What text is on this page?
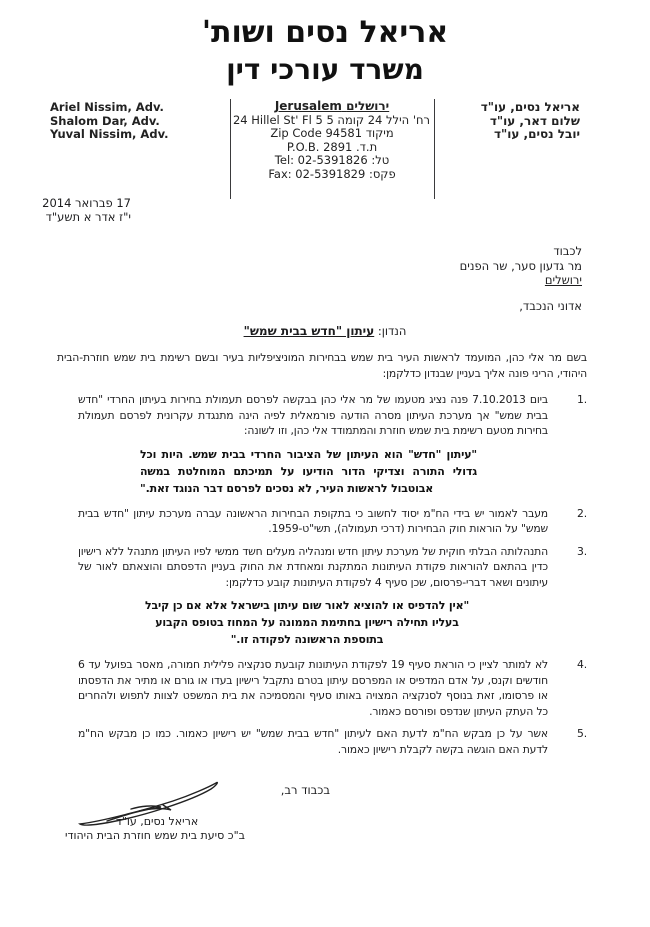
אריאל נסים ושות'
משרד עורכי דין
Ariel Nissim, Adv.
Shalom Dar, Adv.
Yuval Nissim, Adv.
ירושלים Jerusalem
רח' הילל 24 קומה 5 24 Hillel St' Fl 5
מיקוד Zip Code 94581
ת.ד. P.O.B. 2891
טל: Tel: 02-5391826
פקס: Fax: 02-5391829
אריאל נסים, עו"ד
שלום דאר, עו"ד
יובל נסים, עו"ד
17 פברואר 2014
י"ז אדר א תשע"ד
לכבוד
מר גדעון סער, שר הפנים
ירושלים
אדוני הנכבד,
הנדון: עיתון "חדש בבית שמש"
בשם מר אלי כהן, המועמד לראשות העיר בית שמש בבחירות המוניציפליות בעיר ובשם רשימת בית שמש חוזרת-הבית היהודי, הריני פונה אליך בעניין שבנדון כדלקמן:
1.
ביום 7.10.2013 פנה נציג מטעמו של מר אלי כהן בבקשה לפרסם תעמולת בחירות בעיתון החרדי "חדש בבית שמש" אך מערכת העיתון מסרה הודעה פורמאלית לפיה הינה מתנגדת עקרונית לפרסם תעמולת בחירות מטעם רשימת בית שמש חוזרת והמתמודד אלי כהן, וזו לשונה:
"עיתון "חדש" הוא העיתון של הציבור החרדי בבית שמש. היות וכל גדולי התורה וצדיקי הדור הודיעו על תמיכתם המוחלטת במשה אבוטבול לראשות העיר, לא נסכים לפרסם דבר הנוגד זאת."
2.
מעבר לאמור יש בידי הח"מ יסוד לחשוב כי בתקופת הבחירות הראשונה עברה מערכת עיתון "חדש בבית שמש" על הוראות חוק הבחירות (דרכי תעמולה), תשי"ט-1959.
3.
התנהלותה הבלתי חוקית של מערכת עיתון חדש ומנהליה מעלים חשד ממשי לפיו העיתון מתנהל ללא רישיון כדין בהתאם להוראות פקודת העיתונות המתקנת ומאחדת את החוק בעניין הדפסתם והוצאתם לאור של עיתונים ושאר דברי-פרסום, שכן סעיף 4 לפקודת העיתונות קובע כדלקמן:
"אין להדפיס או להוציא לאור שום עיתון בישראל אלא אם כן קיבל בעליו תחילה רישיון בחתימת הממונה על המחוז בטופס הקבוע בתוספת הראשונה לפקודה זו."
4.
לא למותר לציין כי הוראת סעיף 19 לפקודת העיתונות קובעת סנקציה פלילית חמורה, מאסר בפועל עד 6 חודשים וקנס, על אדם המדפיס או המפרסם עיתון בטרם נתקבל רישיון בעדו או גורם או מתיר את הדפסתו או פרסומו, זאת בנוסף לסנקציה המצויה באותו סעיף והמסמיכה את בית המשפט לצוות לתפוש ולהחרים כל העתק העיתון שנדפס ופורסם כאמור.
5.
אשר על כן מבקש הח"מ לדעת האם לעיתון "חדש בבית שמש" יש רישיון כאמור. כמו כן מבקש הח"מ לדעת האם הוגשה בקשה לקבלת רישיון כאמור.
בכבוד רב,
אריאל נסים, עו"ד
ב"כ סיעת בית שמש חוזרת הבית היהודי
